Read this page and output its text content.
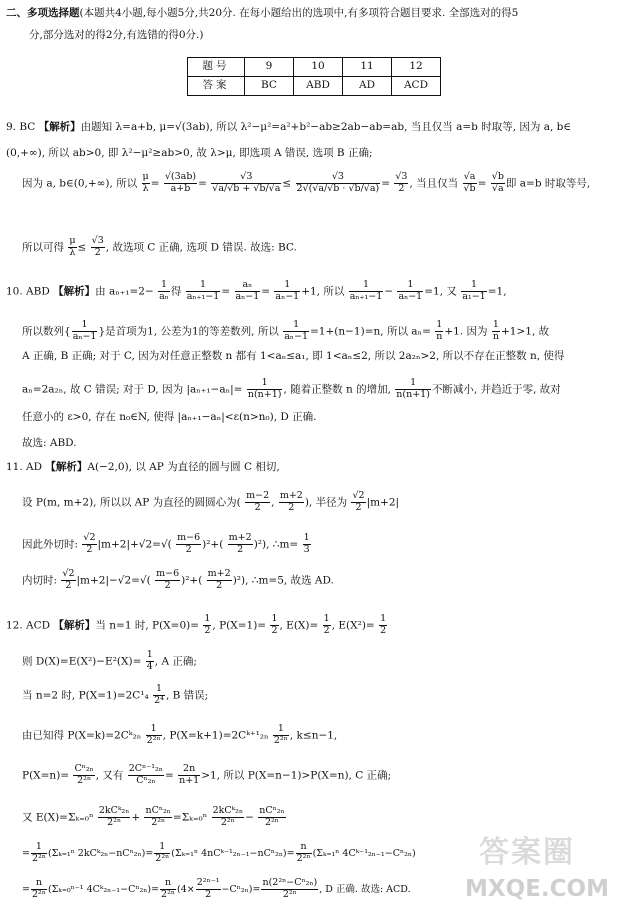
二、多项选择题(本题共4小题,每小题5分,共20分. 在每小题给出的选项中,有多项符合题目要求. 全部选对的得5
分,部分选对的得2分,有选错的得0分.)
题号	9	10	11	12
答案	BC	ABD	AD	ACD
9. BC 【解析】由题知 λ=a+b, μ=√(3ab), 所以 λ²−μ²=a²+b²−ab≥2ab−ab=ab, 当且仅当 a=b 时取等, 因为 a, b∈
(0,+∞), 所以 ab>0, 即 λ²−μ²≥ab>0, 故 λ>μ, 即选项 A 错误, 选项 B 正确;
因为 a, b∈(0,+∞), 所以 $\frac{\mu}{\lambda} = \frac{√(3ab)}{a+b} = \frac{√3}{√a/√b + √b/√a} \le \frac{√3}{2√(√a/√b \cdot √b/√a)} = \frac{√3}{2}$ , 当且仅当 $\frac{√a}{√b} = \frac{√b}{√a}$ 即 a=b 时取等号,
所以可得 $\frac{\mu}{\lambda} \le \frac{√3}{2}$ , 故选项 C 正确, 选项 D 错误. 故选: BC.
10. ABD 【解析】由 $a_{n+1}=2- \frac{1}{\text{aₙ}}$ 得 $\frac{1}{\text{aₙ₊₁−1}} = \frac{\text{aₙ}}{\text{aₙ−1}} = \frac{1}{\text{aₙ−1}} +1$, 所以 $\frac{1}{\text{aₙ₊₁−1}} - \frac{1}{\text{aₙ−1}} =1$, 又 $\frac{1}{\text{a₁−1}} =1$,
所以数列{ $\frac{1}{\text{aₙ−1}}$ }是首项为1, 公差为1的等差数列, 所以 $\frac{1}{\text{aₙ−1}} =1+(n-1)=n$, 所以 $a_n= \frac{1}{n} +1$. 因为 $\frac{1}{n} +1>1$, 故
A 正确, B 正确; 对于 C, 因为对任意正整数 n 都有 1<aₙ≤a₁, 即 1<aₙ≤2, 所以 2a₂ₙ>2, 所以不存在正整数 n, 使得
aₙ=2a₂ₙ, 故 C 错误; 对于 D, 因为 $|a_{n+1}-a_n|= \frac{1}{n(n+1)}$ , 随着正整数 n 的增加, $\frac{1}{n(n+1)}$ 不断减小, 并趋近于零, 故对
任意小的 ε>0, 存在 n₀∈N, 使得 |aₙ₊₁−aₙ|<ε(n>n₀), D 正确.
故选: ABD.
11. AD 【解析】A(−2,0), 以 AP 为直径的圆与圆 C 相切,
设 P(m, m+2), 所以以 AP 为直径的圆圆心为( $\frac{m-2}{2}$ , $\frac{m+2}{2}$ ), 半径为 $\frac{√2}{2} |m+2|$
因此外切时: $\frac{√2}{2} |m+2|+√2=√( \frac{m-6}{2} )^2+( \frac{m+2}{2} )^2$), ∴m= $\frac{1}{3}$
内切时: $\frac{√2}{2} |m+2|-√2=√( \frac{m-6}{2} )^2+( \frac{m+2}{2} )^2$), ∴m=5, 故选 AD.
12. ACD 【解析】当 n=1 时, $P(X=0)= \frac{1}{2}$ , $P(X=1)= \frac{1}{2}$ , $E(X)= \frac{1}{2}$ , $E(X^2)= \frac{1}{2}$
则 $D(X)=E(X^2)-E^2(X)= \frac{1}{4}$ , A 正确;
当 n=2 时, $P(X=1)=2C^1_4 \frac{1}{\text{2⁴}}$ , B 错误;
由已知得 P(X=k)=2Cᵏ₂ₙ $\frac{1}{\text{2²ⁿ}}$ , P(X=k+1)=2Cᵏ⁺¹₂ₙ $\frac{1}{\text{2²ⁿ}}$ , k≤n−1,
$P(X=n)= \frac{\text{Cⁿ₂ₙ}}{\text{2²ⁿ}}$ , 又有 $\frac{\text{2Cⁿ⁻¹₂ₙ}}{\text{Cⁿ₂ₙ}} = \frac{2n}{n+1} >1$, 所以 P(X=n−1)>P(X=n), C 正确;
又 $E(X)=\Sigma_{k=0}^n \frac{\text{2kCᵏ₂ₙ}}{\text{2²ⁿ}} + \frac{\text{nCⁿ₂ₙ}}{\text{2²ⁿ}} =\Sigma_{k=0}^n \frac{\text{2kCᵏ₂ₙ}}{\text{2²ⁿ}} - \frac{\text{nCⁿ₂ₙ}}{\text{2²ⁿ}}$
= $\frac{1}{\text{2²ⁿ}} (\Sigma_{k=1}^n$ 2kCᵏ₂ₙ−nCⁿ₂ₙ)= $\frac{1}{\text{2²ⁿ}} (\Sigma_{k=1}^n$ 4nCᵏ⁻¹₂ₙ₋₁−nCⁿ₂ₙ)= $\frac{n}{\text{2²ⁿ}} (\Sigma_{k=1}^n$ 4Cᵏ⁻¹₂ₙ₋₁−Cⁿ₂ₙ)
= $\frac{n}{\text{2²ⁿ}} (\Sigma_{k=0}^{n-1}$ 4Cᵏ₂ₙ₋₁−Cⁿ₂ₙ)= $\frac{n}{\text{2²ⁿ}} (4\times \frac{\text{2²ⁿ⁻¹}}{2} -C^n_{2n})= \frac{\text{n(2²ⁿ−Cⁿ₂ₙ)}}{\text{2²ⁿ}}$ , D 正确. 故选: ACD.
答案圈
MXQE.COM
